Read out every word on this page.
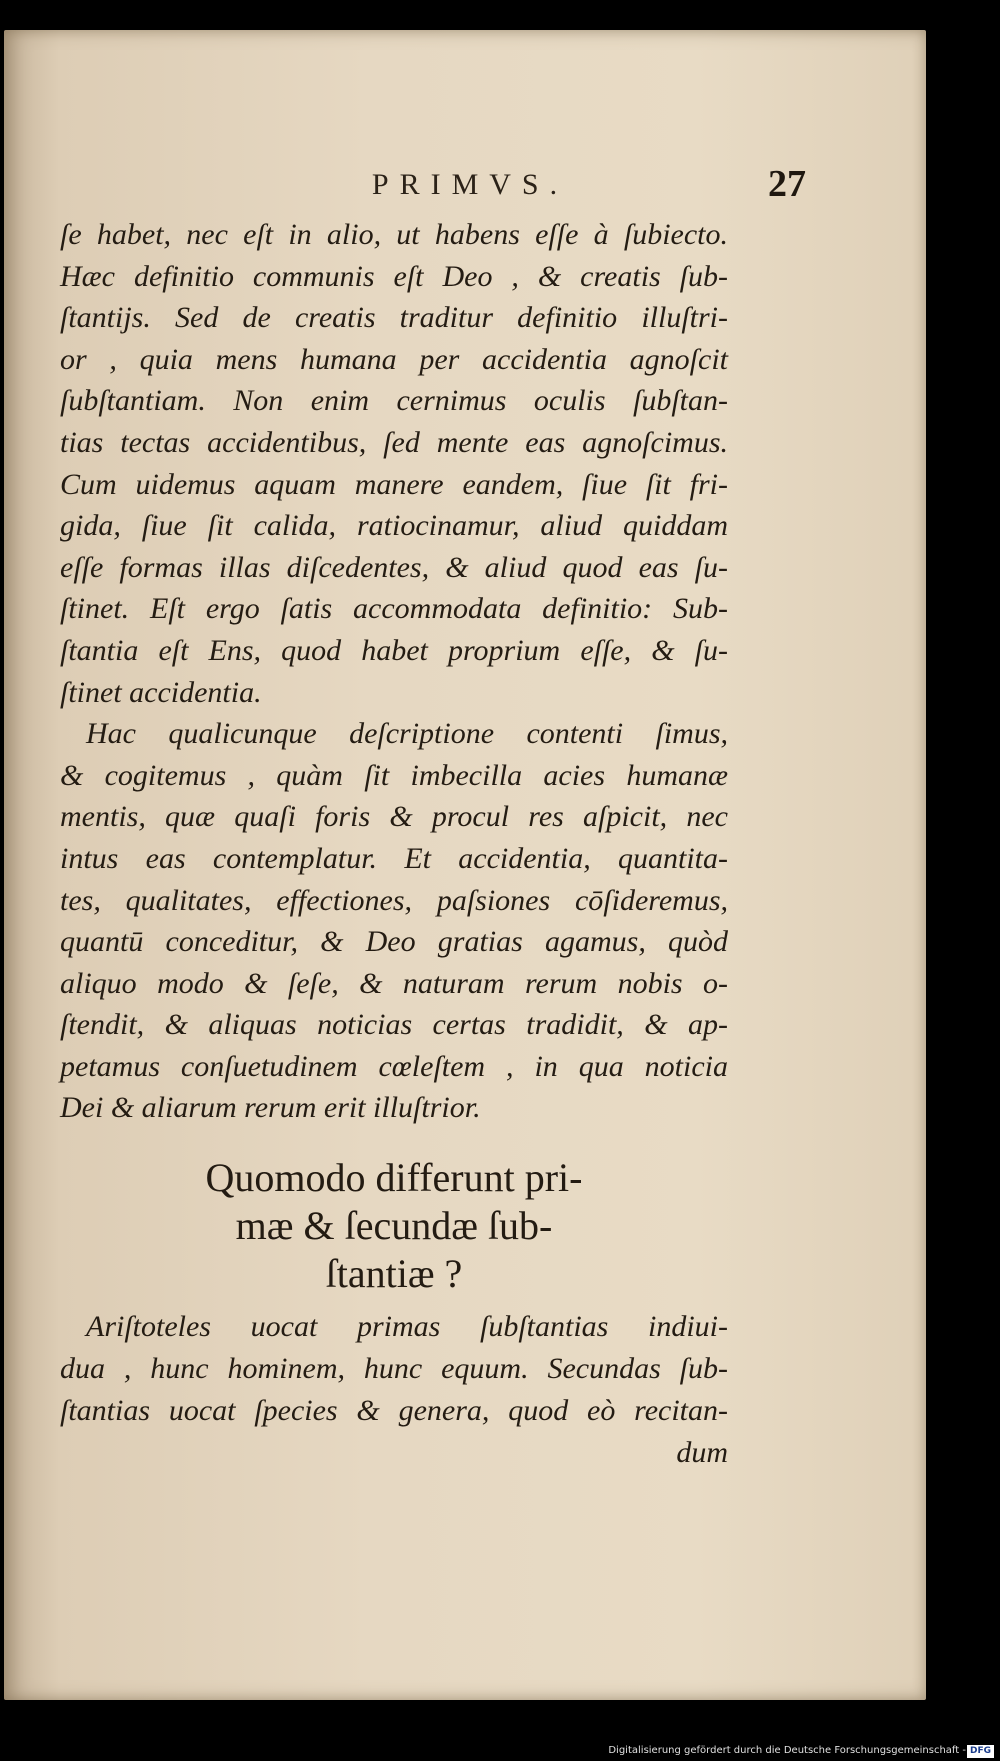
PRIMVS.	27
ſe habet, nec eſt in alio, ut habens eſſe à ſubiecto.
Hæc definitio communis eſt Deo , & creatis ſub-
ſtantijs. Sed de creatis traditur definitio illuſtri-
or , quia mens humana per accidentia agnoſcit
ſubſtantiam. Non enim cernimus oculis ſubſtan-
tias tectas accidentibus, ſed mente eas agnoſcimus.
Cum uidemus aquam manere eandem, ſiue ſit fri-
gida, ſiue ſit calida, ratiocinamur, aliud quiddam
eſſe formas illas diſcedentes, & aliud quod eas ſu-
ſtinet. Eſt ergo ſatis accommodata definitio: Sub-
ſtantia eſt Ens, quod habet proprium eſſe, & ſu-
ſtinet accidentia.
Hac qualicunque deſcriptione contenti ſimus,
& cogitemus , quàm ſit imbecilla acies humanæ
mentis, quæ quaſi foris & procul res aſpicit, nec
intus eas contemplatur. Et accidentia, quantita-
tes, qualitates, effectiones, paſsiones cōſideremus,
quantū conceditur, & Deo gratias agamus, quòd
aliquo modo & ſeſe, & naturam rerum nobis o-
ſtendit, & aliquas noticias certas tradidit, & ap-
petamus conſuetudinem cœleſtem , in qua noticia
Dei & aliarum rerum erit illuſtrior.
Quomodo differunt pri-
mæ & ſecundæ ſub-
ſtantiæ ?
Ariſtoteles uocat primas ſubſtantias indiui-
dua , hunc hominem, hunc equum. Secundas ſub-
ſtantias uocat ſpecies & genera, quod eò recitan-
dum
Digitalisierung gefördert durch die Deutsche Forschungsgemeinschaft - DFG
